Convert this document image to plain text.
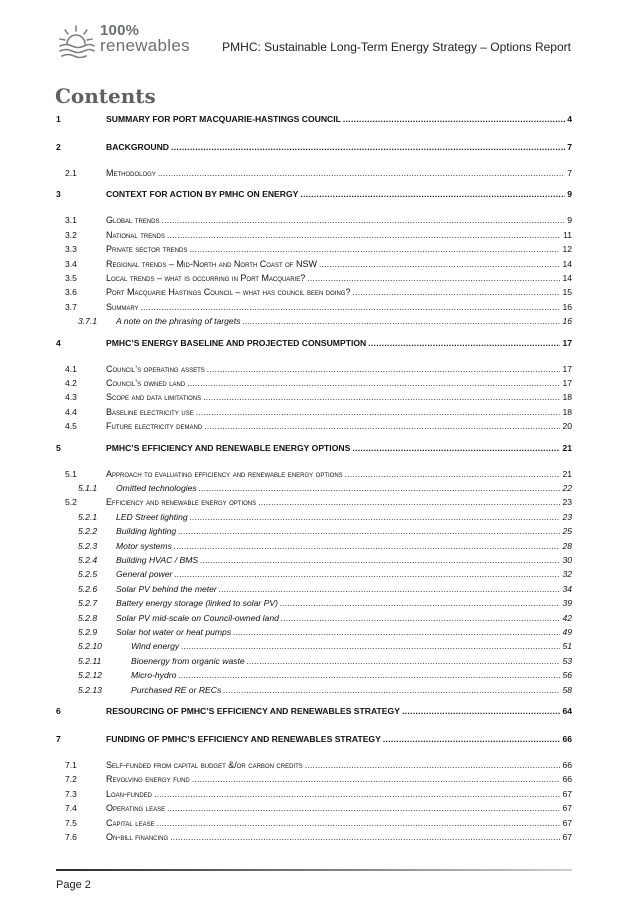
100%
renewables	PMHC: Sustainable Long-Term Energy Strategy – Options Report
Contents
1	SUMMARY FOR PORT MACQUARIE-HASTINGS COUNCIL .....	4
2	BACKGROUND .....	7
2.1	Methodology .....	7
3	CONTEXT FOR ACTION BY PMHC ON ENERGY .....	9
3.1	Global trends .....	9
3.2	National trends .....	11
3.3	Private sector trends .....	12
3.4	Regional trends – Mid-North and North Coast of NSW .....	14
3.5	Local trends – what is occurring in Port Macquarie? .....	14
3.6	Port Macquarie Hastings Council – what has council been doing? .....	15
3.7	Summary .....	16
3.7.1	A note on the phrasing of targets .....	16
4	PMHC’S ENERGY BASELINE AND PROJECTED CONSUMPTION .....	17
4.1	Council’s operating assets .....	17
4.2	Council’s owned land .....	17
4.3	Scope and data limitations .....	18
4.4	Baseline electricity use .....	18
4.5	Future electricity demand .....	20
5	PMHC’S EFFICIENCY AND RENEWABLE ENERGY OPTIONS .....	21
5.1	Approach to evaluating efficiency and renewable energy options .....	21
5.1.1	Omitted technologies .....	22
5.2	Efficiency and renewable energy options .....	23
5.2.1	LED Street lighting .....	23
5.2.2	Building lighting .....	25
5.2.3	Motor systems .....	28
5.2.4	Building HVAC / BMS .....	30
5.2.5	General power .....	32
5.2.6	Solar PV behind the meter .....	34
5.2.7	Battery energy storage (linked to solar PV) .....	39
5.2.8	Solar PV mid-scale on Council-owned land .....	42
5.2.9	Solar hot water or heat pumps .....	49
5.2.10	Wind energy .....	51
5.2.11	Bioenergy from organic waste .....	53
5.2.12	Micro-hydro .....	56
5.2.13	Purchased RE or RECs .....	58
6	RESOURCING OF PMHC’S EFFICIENCY AND RENEWABLES STRATEGY .....	64
7	FUNDING OF PMHC’S EFFICIENCY AND RENEWABLES STRATEGY .....	66
7.1	Self-funded from capital budget &/or carbon credits .....	66
7.2	Revolving energy fund .....	66
7.3	Loan-funded .....	67
7.4	Operating lease .....	67
7.5	Capital lease .....	67
7.6	On-bill financing .....	67
Page 2
